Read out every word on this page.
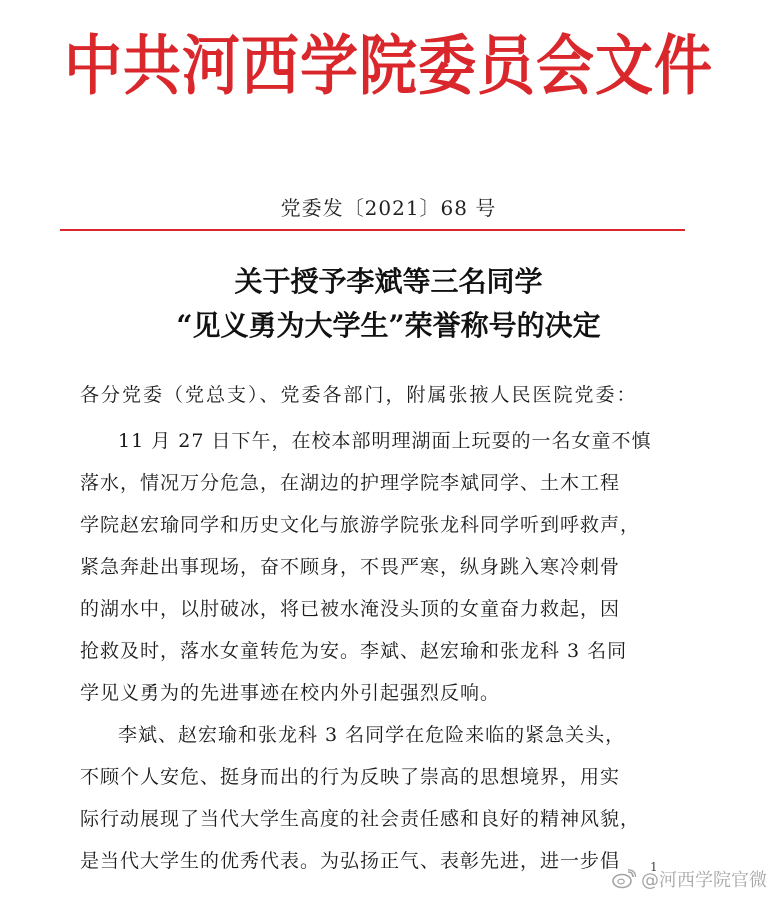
中共河西学院委员会文件
党委发〔2021〕68 号
关于授予李斌等三名同学
“见义勇为大学生”荣誉称号的决定
各分党委（党总支）、党委各部门，附属张掖人民医院党委：
11 月 27 日下午，在校本部明理湖面上玩耍的一名女童不慎
落水，情况万分危急，在湖边的护理学院李斌同学、土木工程
学院赵宏瑜同学和历史文化与旅游学院张龙科同学听到呼救声，
紧急奔赴出事现场，奋不顾身，不畏严寒，纵身跳入寒冷刺骨
的湖水中，以肘破冰，将已被水淹没头顶的女童奋力救起，因
抢救及时，落水女童转危为安。李斌、赵宏瑜和张龙科 3 名同
学见义勇为的先进事迹在校内外引起强烈反响。
李斌、赵宏瑜和张龙科 3 名同学在危险来临的紧急关头，
不顾个人安危、挺身而出的行为反映了崇高的思想境界，用实
际行动展现了当代大学生高度的社会责任感和良好的精神风貌，
是当代大学生的优秀代表。为弘扬正气、表彰先进，进一步倡 1
@河西学院官微
